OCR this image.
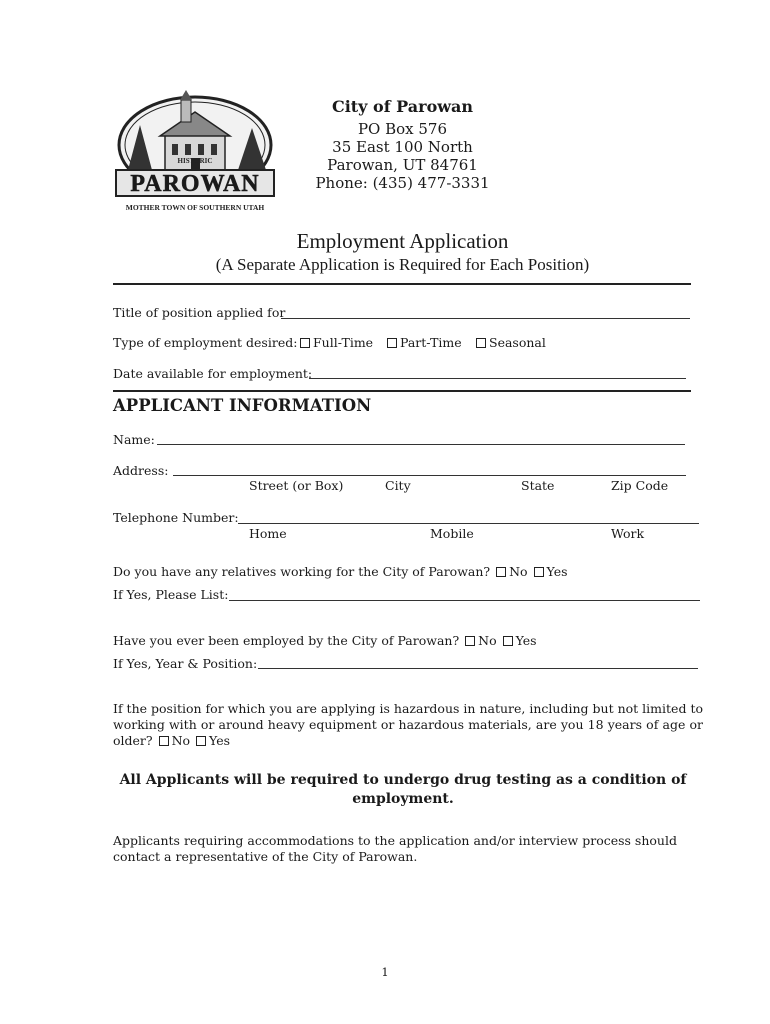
HISTORIC
PAROWAN
MOTHER TOWN OF SOUTHERN UTAH
City of Parowan
PO Box 576
35 East 100 North
Parowan, UT 84761
Phone: (435) 477-3331
Employment Application
(A Separate Application is Required for Each Position)
Title of position applied for
Type of employment desired:	Full-Time	Part-Time	Seasonal
Date available for employment:
APPLICANT INFORMATION
Name:
Address:
Street (or Box)	City	State	Zip Code
Telephone Number:
Home	Mobile	Work
Do you have any relatives working for the City of Parowan? No Yes
If Yes, Please List:
Have you ever been employed by the City of Parowan? No Yes
If Yes, Year & Position:
If the position for which you are applying is hazardous in nature, including but not limited to working with or around heavy equipment or hazardous materials, are you 18 years of age or older? No Yes
All Applicants will be required to undergo drug testing as a condition of employment.
Applicants requiring accommodations to the application and/or interview process should contact a representative of the City of Parowan.
1
